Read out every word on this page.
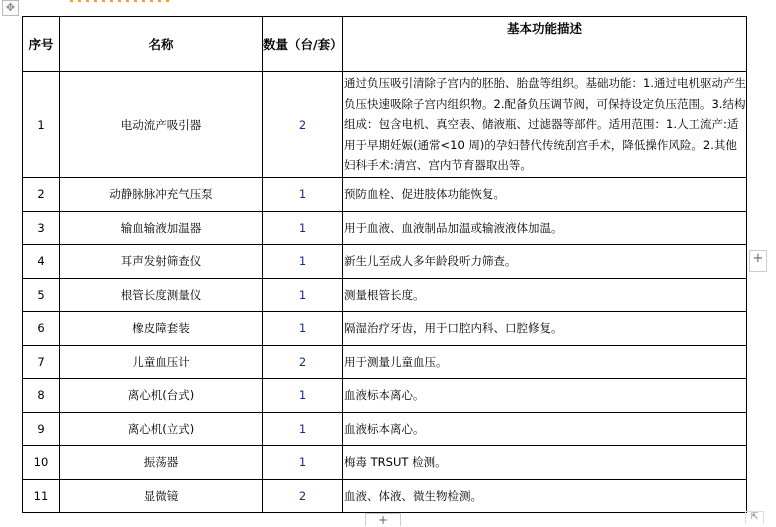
✥
序号	名称	数量（台/套）	基本功能描述
1	电动流产吸引器	2	通过负压吸引清除子宫内的胚胎、胎盘等组织。基础功能：1.通过电机驱动产生负压快速吸除子宫内组织物。2.配备负压调节阀，可保持设定负压范围。3.结构组成：包含电机、真空表、储液瓶、过滤器等部件。适用范围：1.人工流产:适用于早期妊娠(通常<10 周)的孕妇替代传统刮宫手术，降低操作风险。2.其他妇科手术:清宫、宫内节育器取出等。
2	动静脉脉冲充气压泵	1	预防血栓、促进肢体功能恢复。
3	输血输液加温器	1	用于血液、血液制品加温或输液液体加温。
4	耳声发射筛查仪	1	新生儿至成人多年龄段听力筛查。
5	根管长度测量仪	1	测量根管长度。
6	橡皮障套装	1	隔湿治疗牙齿，用于口腔内科、口腔修复。
7	儿童血压计	2	用于测量儿童血压。
8	离心机(台式)	1	血液标本离心。
9	离心机(立式)	1	血液标本离心。
10	振荡器	1	梅毒 TRSUT 检测。
11	显微镜	2	血液、体液、微生物检测。
+
+	⇱
